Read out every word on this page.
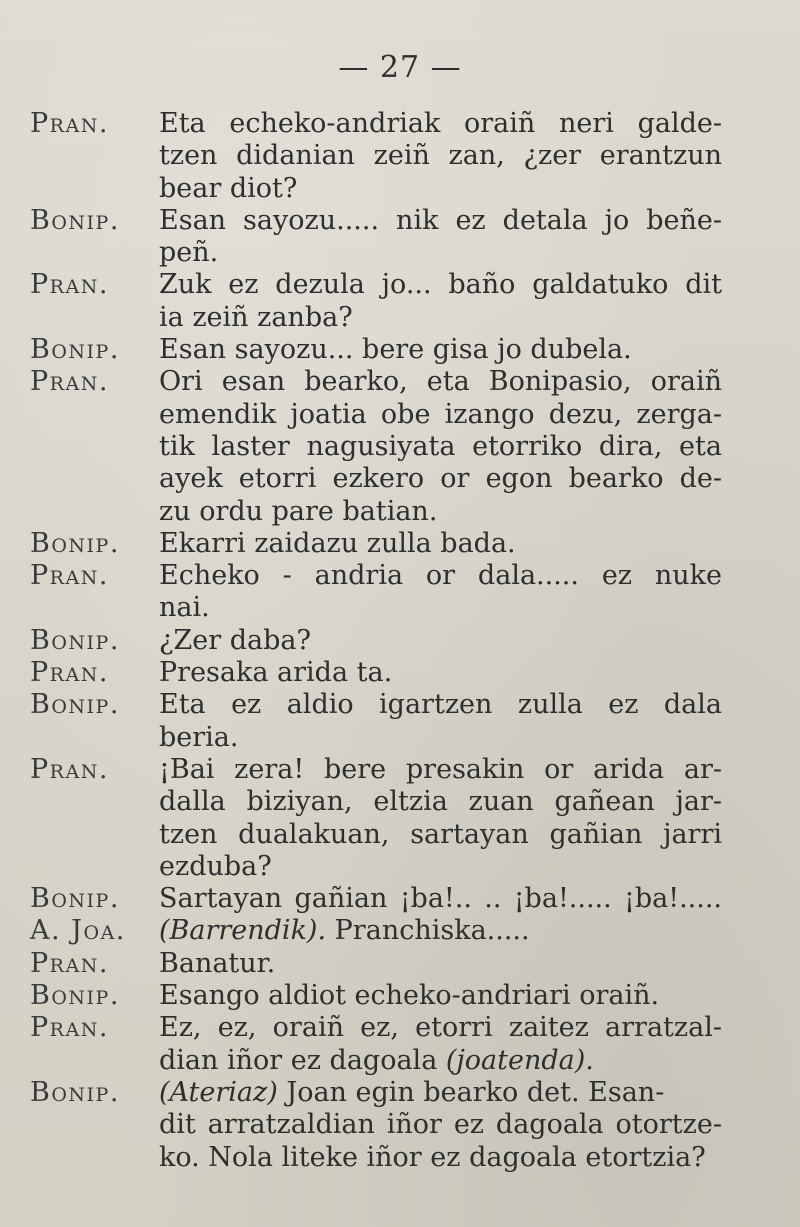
— 27 —
Pran.	Eta echeko-andriak oraiñ neri galde-
tzen didanian zeiñ zan, ¿zer erantzun
bear diot?
Bonip.	Esan sayozu..... nik ez detala jo beñe-
peñ.
Pran.	Zuk ez dezula jo... baño galdatuko dit
ia zeiñ zanba?
Bonip.	Esan sayozu... bere gisa jo dubela.
Pran.	Ori esan bearko, eta Bonipasio, oraiñ
emendik joatia obe izango dezu, zerga-
tik laster nagusiyata etorriko dira, eta
ayek etorri ezkero or egon bearko de-
zu ordu pare batian.
Bonip.	Ekarri zaidazu zulla bada.
Pran.	Echeko - andria or dala..... ez nuke
nai.
Bonip.	¿Zer daba?
Pran.	Presaka arida ta.
Bonip.	Eta ez aldio igartzen zulla ez dala
beria.
Pran.	¡Bai zera! bere presakin or arida ar-
dalla biziyan, eltzia zuan gañean jar-
tzen dualakuan, sartayan gañian jarri
ezduba?
Bonip.	Sartayan gañian ¡ba!.. .. ¡ba!..... ¡ba!.....
A. Joa.	(Barrendik). Pranchiska.....
Pran.	Banatur.
Bonip.	Esango aldiot echeko-andriari oraiñ.
Pran.	Ez, ez, oraiñ ez, etorri zaitez arratzal-
dian iñor ez dagoala (joatenda).
Bonip.	(Ateriaz) Joan egin bearko det. Esan-
dit arratzaldian iñor ez dagoala otortze-
ko. Nola liteke iñor ez dagoala etortzia?
